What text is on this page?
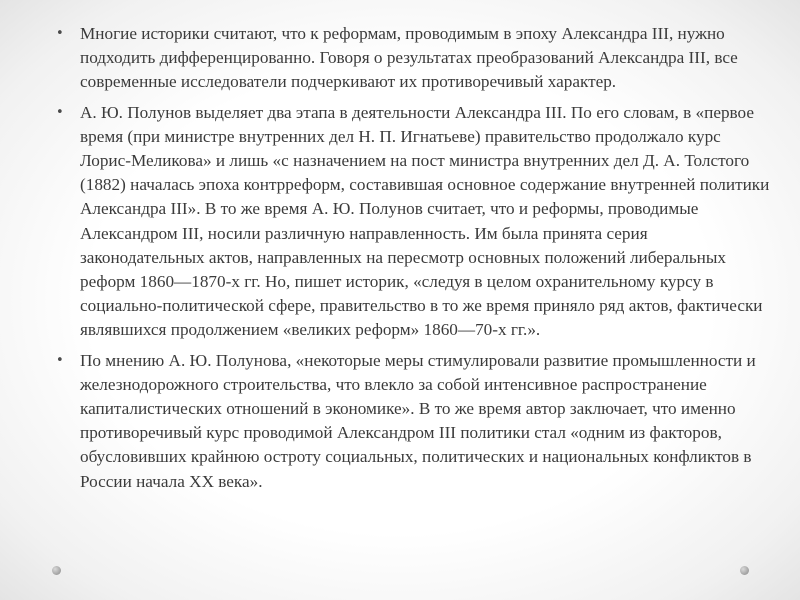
• Многие историки считают, что к реформам, проводимым в эпоху Александра III, нужно подходить дифференцированно. Говоря о результатах преобразований Александра III, все современные исследователи подчеркивают их противоречивый характер.
• А. Ю. Полунов выделяет два этапа в деятельности Александра III. По его словам, в «первое время (при министре внутренних дел Н. П. Игнатьеве) правительство продолжало курс Лорис-Меликова» и лишь «с назначением на пост министра внутренних дел Д. А. Толстого (1882) началась эпоха контрреформ, составившая основное содержание внутренней политики Александра III». В то же время А. Ю. Полунов считает, что и реформы, проводимые Александром III, носили различную направленность. Им была принята серия законодательных актов, направленных на пересмотр основных положений либеральных реформ 1860—1870-х гг. Но, пишет историк, «следуя в целом охранительному курсу в социально-политической сфере, правительство в то же время приняло ряд актов, фактически являвшихся продолжением «великих реформ» 1860—70-х гг.».
• По мнению А. Ю. Полунова, «некоторые меры стимулировали развитие промышленности и железнодорожного строительства, что влекло за собой интенсивное распространение капиталистических отношений в экономике». В то же время автор заключает, что именно противоречивый курс проводимой Александром III политики стал «одним из факторов, обусловивших крайнюю остроту социальных, политических и национальных конфликтов в России начала XX века».
